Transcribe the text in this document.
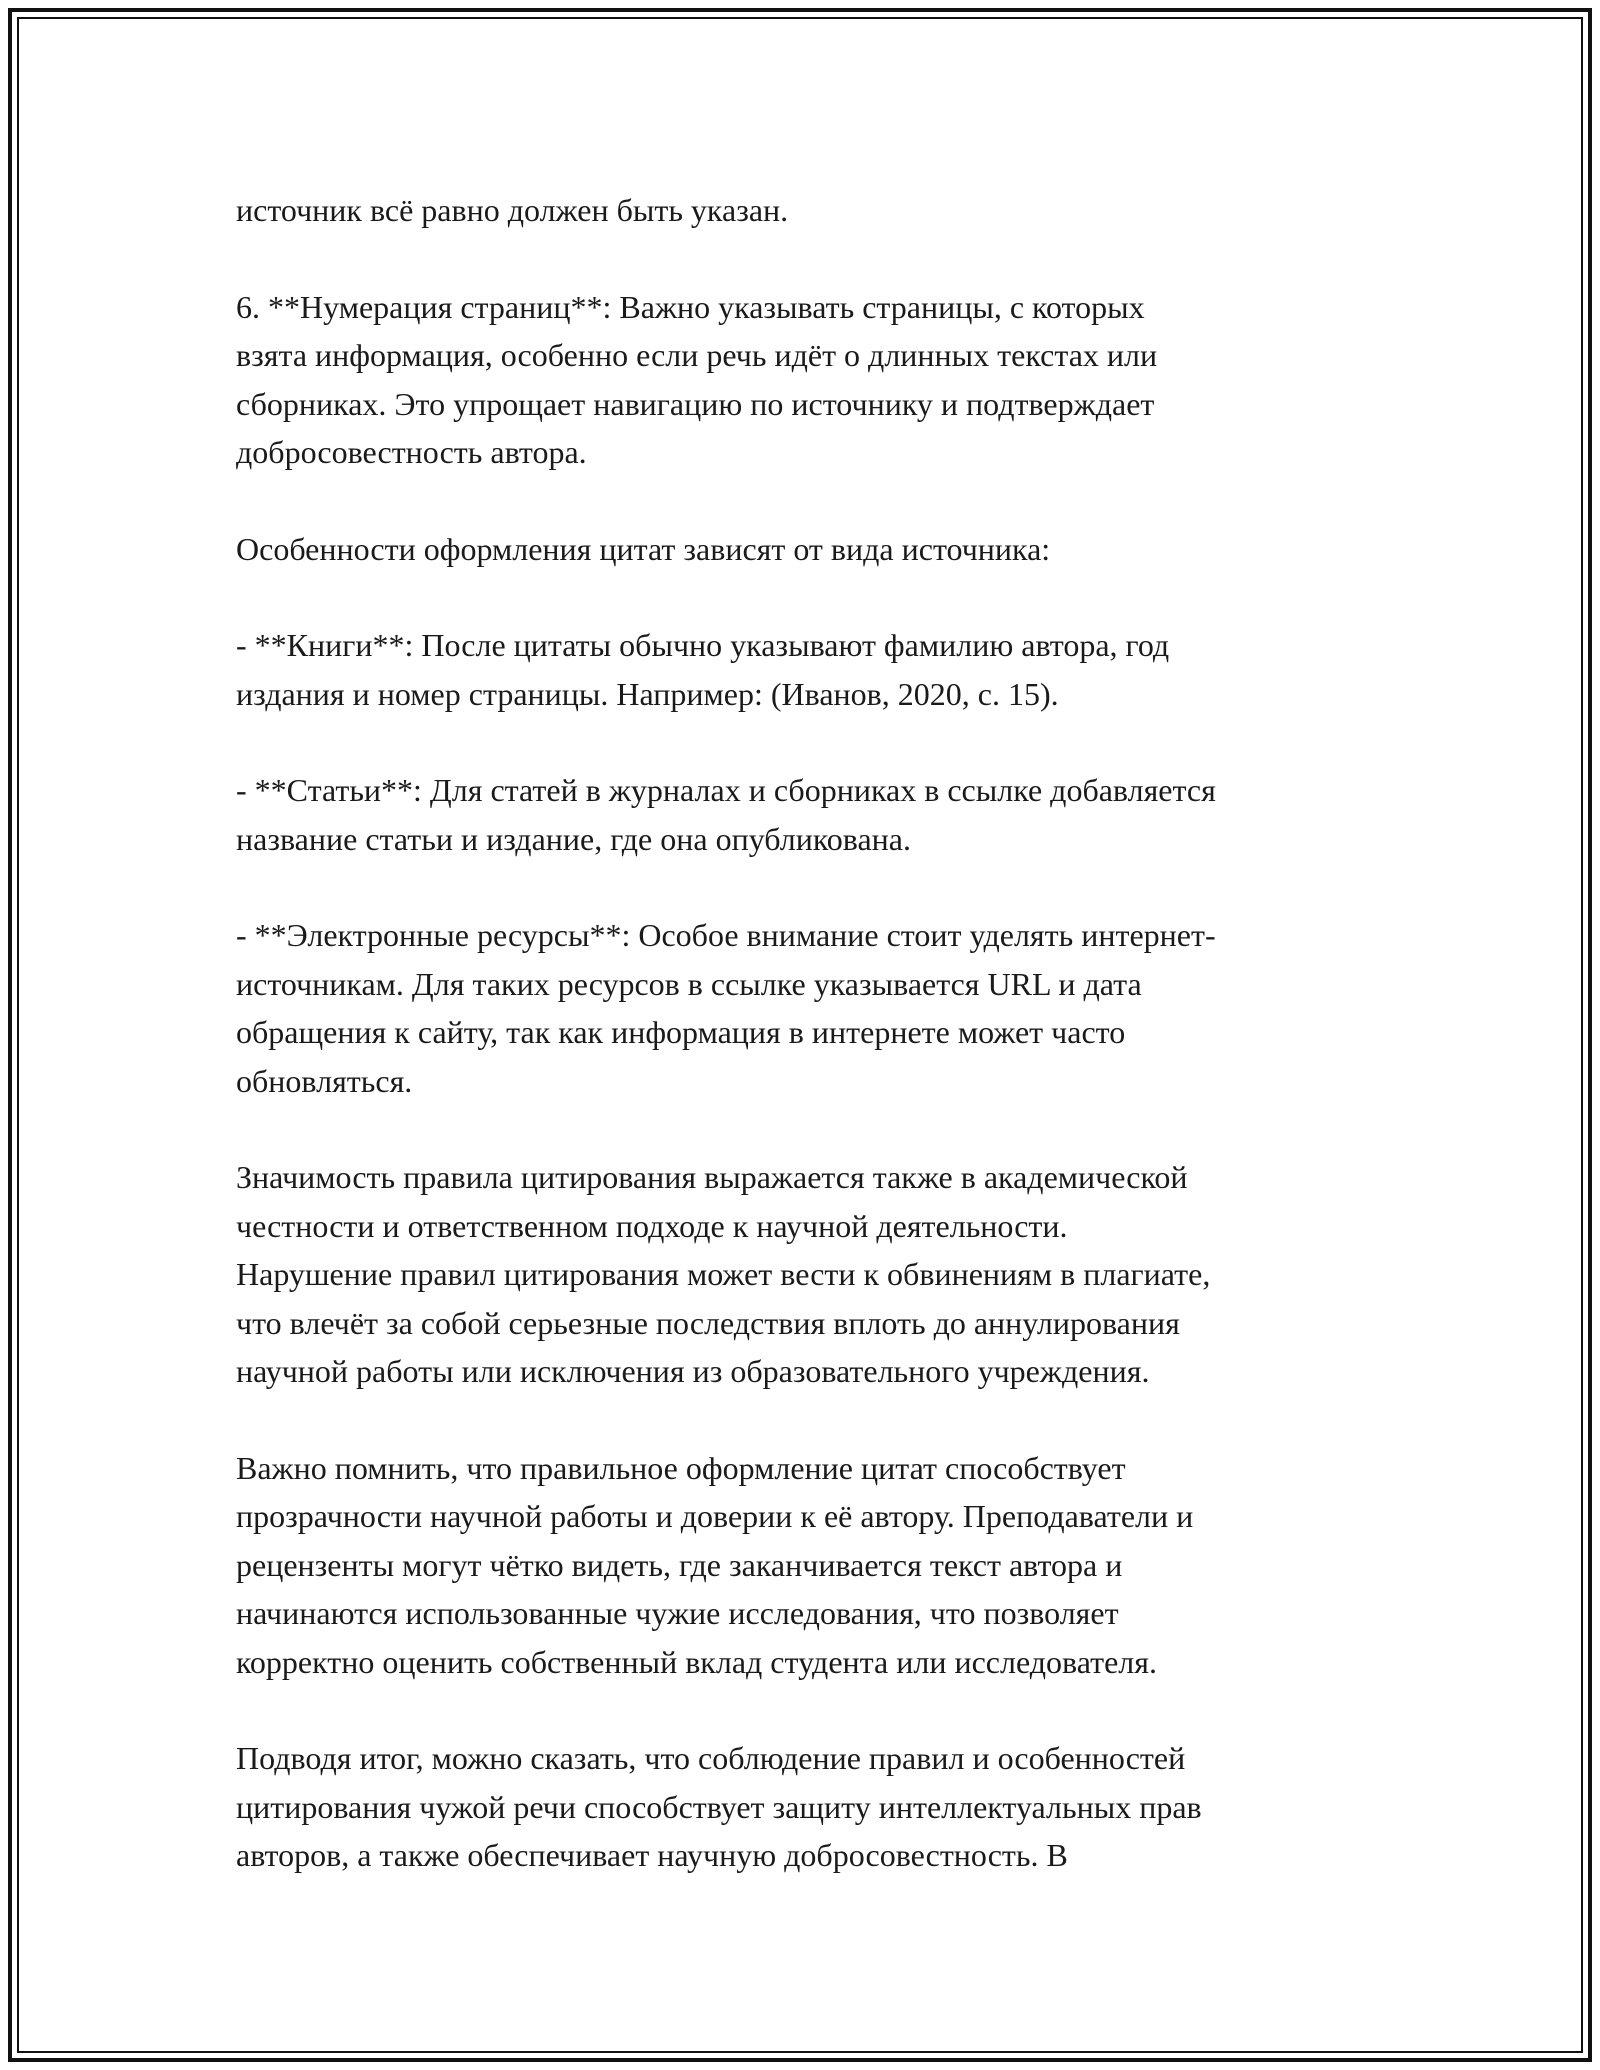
источник всё равно должен быть указан.

6. **Нумерация страниц**: Важно указывать страницы, с которых
взята информация, особенно если речь идёт о длинных текстах или
сборниках. Это упрощает навигацию по источнику и подтверждает
добросовестность автора.

Особенности оформления цитат зависят от вида источника:

- **Книги**: После цитаты обычно указывают фамилию автора, год
издания и номер страницы. Например: (Иванов, 2020, с. 15).

- **Статьи**: Для статей в журналах и сборниках в ссылке добавляется
название статьи и издание, где она опубликована.

- **Электронные ресурсы**: Особое внимание стоит уделять интернет-
источникам. Для таких ресурсов в ссылке указывается URL и дата
обращения к сайту, так как информация в интернете может часто
обновляться.

Значимость правила цитирования выражается также в академической
честности и ответственном подходе к научной деятельности.
Нарушение правил цитирования может вести к обвинениям в плагиате,
что влечёт за собой серьезные последствия вплоть до аннулирования
научной работы или исключения из образовательного учреждения.

Важно помнить, что правильное оформление цитат способствует
прозрачности научной работы и доверии к её автору. Преподаватели и
рецензенты могут чётко видеть, где заканчивается текст автора и
начинаются использованные чужие исследования, что позволяет
корректно оценить собственный вклад студента или исследователя.

Подводя итог, можно сказать, что соблюдение правил и особенностей
цитирования чужой речи способствует защиту интеллектуальных прав
авторов, а также обеспечивает научную добросовестность. В
